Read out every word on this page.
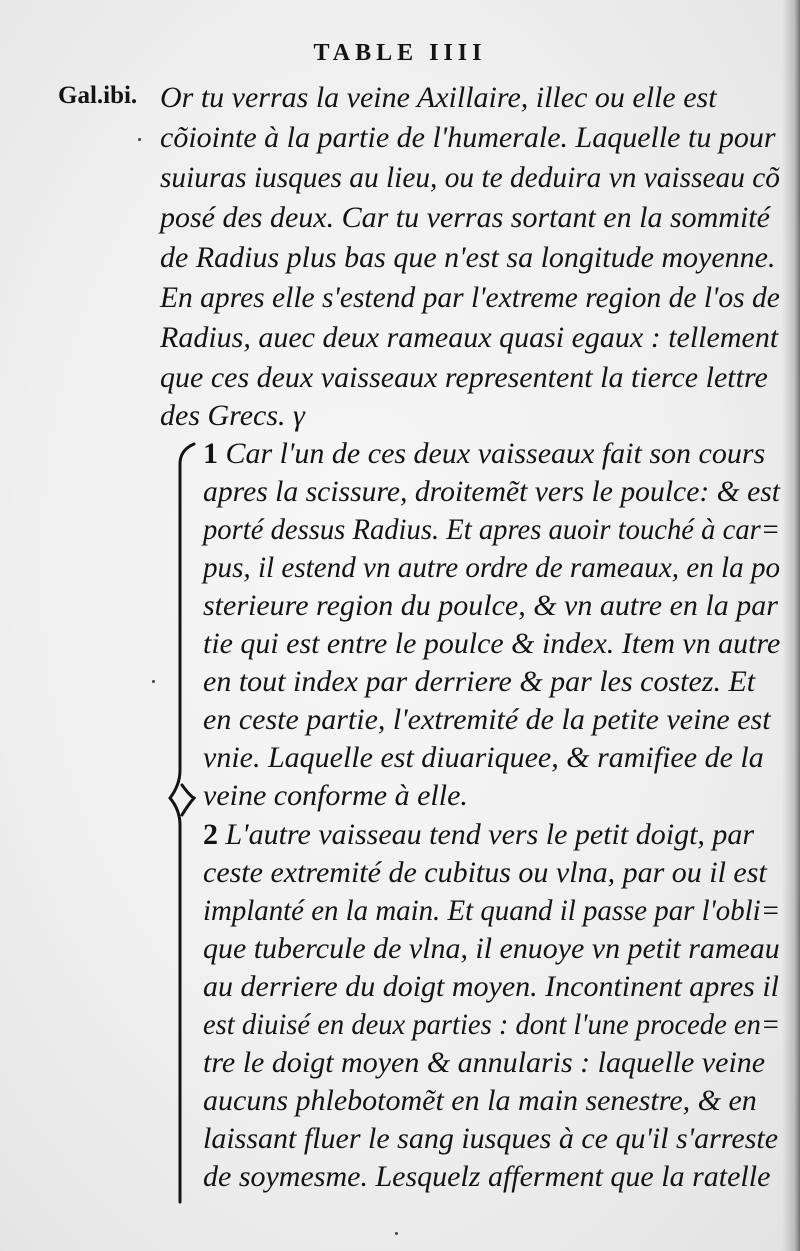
TABLE IIII
Gal.ibi. Or tu verras la veine Axillaire, illec ou elle est
cõiointe à la partie de l'humerale. Laquelle tu pour
suiuras iusques au lieu, ou te deduira vn vaisseau cõ
posé des deux. Car tu verras sortant en la sommité
de Radius plus bas que n'est sa longitude moyenne.
En apres elle s'estend par l'extreme region de l'os de
Radius, auec deux rameaux quasi egaux : tellement
que ces deux vaisseaux representent la tierce lettre
des Grecs. γ
1 Car l'un de ces deux vaisseaux fait son cours
apres la scissure, droitemẽt vers le poulce: & est
porté dessus Radius. Et apres auoir touché à car=
pus, il estend vn autre ordre de rameaux, en la po
sterieure region du poulce, & vn autre en la par
tie qui est entre le poulce & index. Item vn autre
en tout index par derriere & par les costez. Et
en ceste partie, l'extremité de la petite veine est
vnie. Laquelle est diuariquee, & ramifiee de la
veine conforme à elle.
2 L'autre vaisseau tend vers le petit doigt, par
ceste extremité de cubitus ou vlna, par ou il est
implanté en la main. Et quand il passe par l'obli=
que tubercule de vlna, il enuoye vn petit rameau
au derriere du doigt moyen. Incontinent apres il
est diuisé en deux parties : dont l'une procede en=
tre le doigt moyen & annularis : laquelle veine
aucuns phlebotomẽt en la main senestre, & en
laissant fluer le sang iusques à ce qu'il s'arreste
de soymesme. Lesquelz afferment que la ratelle
